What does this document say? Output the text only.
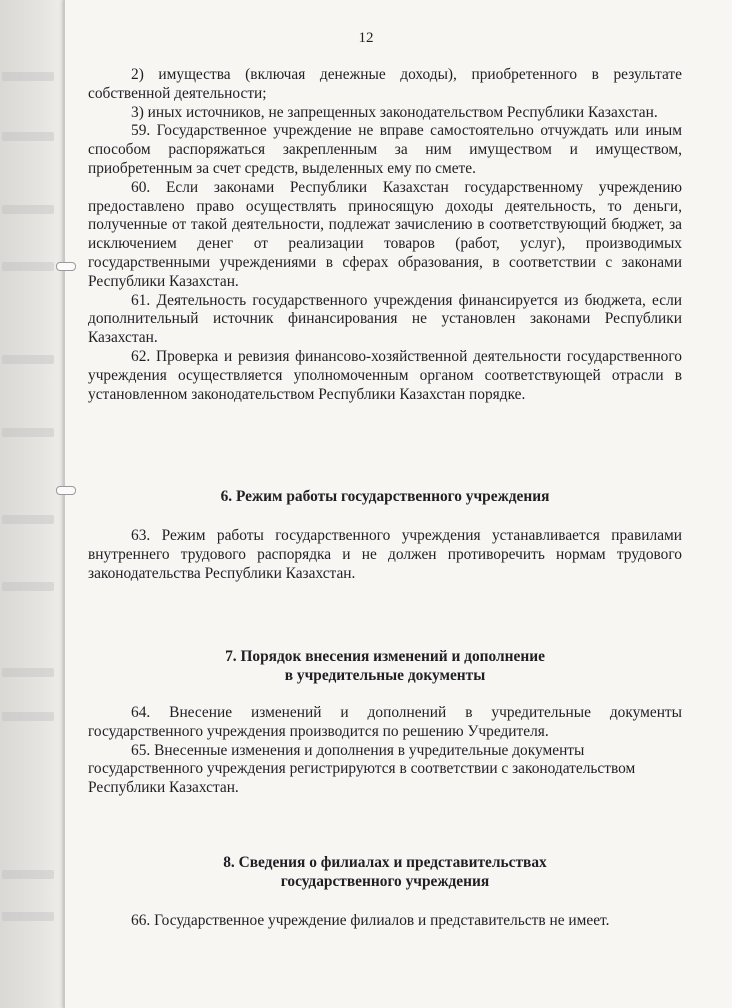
12

2) имущества (включая денежные доходы), приобретенного в результате собственной деятельности;

3) иных источников, не запрещенных законодательством Республики Казахстан.

59. Государственное учреждение не вправе самостоятельно отчуждать или иным способом распоряжаться закрепленным за ним имуществом и имуществом, приобретенным за счет средств, выделенных ему по смете.

60. Если законами Республики Казахстан государственному учреждению предоставлено право осуществлять приносящую доходы деятельность, то деньги, полученные от такой деятельности, подлежат зачислению в соответствующий бюджет, за исключением денег от реализации товаров (работ, услуг), производимых государственными учреждениями в сферах образования, в соответствии с законами Республики Казахстан.

61. Деятельность государственного учреждения финансируется из бюджета, если дополнительный источник финансирования не установлен законами Республики Казахстан.

62. Проверка и ревизия финансово-хозяйственной деятельности государственного учреждения осуществляется уполномоченным органом соответствующей отрасли в установленном законодательством Республики Казахстан порядке.

6. Режим работы государственного учреждения

63. Режим работы государственного учреждения устанавливается правилами внутреннего трудового распорядка и не должен противоречить нормам трудового законодательства Республики Казахстан.

7. Порядок внесения изменений и дополнение
в учредительные документы

64. Внесение изменений и дополнений в учредительные документы государственного учреждения производится по решению Учредителя.

65. Внесенные изменения и дополнения в учредительные документы государственного учреждения регистрируются в соответствии с законодательством Республики Казахстан.

8. Сведения о филиалах и представительствах
государственного учреждения

66. Государственное учреждение филиалов и представительств не имеет.
